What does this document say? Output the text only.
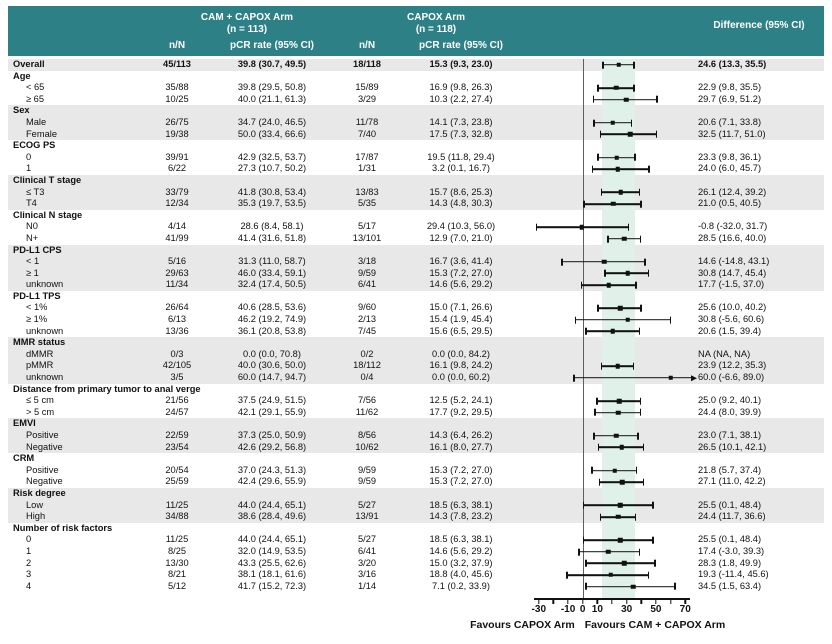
CAM + CAPOX Arm
(n = 113)
CAPOX Arm
(n = 118)	Difference (95% CI)
n/N	pCR rate (95% CI)	n/N	pCR rate (95% CI)
Overall	45/113	39.8 (30.7, 49.5)	18/118	15.3 (9.3, 23.0)	24.6 (13.3, 35.5)
Age
< 65	35/88	39.8 (29.5, 50.8)	15/89	16.9 (9.8, 26.3)	22.9 (9.8, 35.5)
≥ 65	10/25	40.0 (21.1, 61.3)	3/29	10.3 (2.2, 27.4)	29.7 (6.9, 51.2)
Sex
Male	26/75	34.7 (24.0, 46.5)	11/78	14.1 (7.3, 23.8)	20.6 (7.1, 33.8)
Female	19/38	50.0 (33.4, 66.6)	7/40	17.5 (7.3, 32.8)	32.5 (11.7, 51.0)
ECOG PS
0	39/91	42.9 (32.5, 53.7)	17/87	19.5 (11.8, 29.4)	23.3 (9.8, 36.1)
1	6/22	27.3 (10.7, 50.2)	1/31	3.2 (0.1, 16.7)	24.0 (6.0, 45.7)
Clinical T stage
≤ T3	33/79	41.8 (30.8, 53.4)	13/83	15.7 (8.6, 25.3)	26.1 (12.4, 39.2)
T4	12/34	35.3 (19.7, 53.5)	5/35	14.3 (4.8, 30.3)	21.0 (0.5, 40.5)
Clinical N stage
N0	4/14	28.6 (8.4, 58.1)	5/17	29.4 (10.3, 56.0)	-0.8 (-32.0, 31.7)
N+	41/99	41.4 (31.6, 51.8)	13/101	12.9 (7.0, 21.0)	28.5 (16.6, 40.0)
PD-L1 CPS
< 1	5/16	31.3 (11.0, 58.7)	3/18	16.7 (3.6, 41.4)	14.6 (-14.8, 43.1)
≥ 1	29/63	46.0 (33.4, 59.1)	9/59	15.3 (7.2, 27.0)	30.8 (14.7, 45.4)
unknown	11/34	32.4 (17.4, 50.5)	6/41	14.6 (5.6, 29.2)	17.7 (-1.5, 37.0)
PD-L1 TPS
< 1%	26/64	40.6 (28.5, 53.6)	9/60	15.0 (7.1, 26.6)	25.6 (10.0, 40.2)
≥ 1%	6/13	46.2 (19.2, 74.9)	2/13	15.4 (1.9, 45.4)	30.8 (-5.6, 60.6)
unknown	13/36	36.1 (20.8, 53.8)	7/45	15.6 (6.5, 29.5)	20.6 (1.5, 39.4)
MMR status
dMMR	0/3	0.0 (0.0, 70.8)	0/2	0.0 (0.0, 84.2)	NA (NA, NA)
pMMR	42/105	40.0 (30.6, 50.0)	18/112	16.1 (9.8, 24.2)	23.9 (12.2, 35.3)
unknown	3/5	60.0 (14.7, 94.7)	0/4	0.0 (0.0, 60.2)	60.0 (-6.6, 89.0)
Distance from primary tumor to anal verge
≤ 5 cm	21/56	37.5 (24.9, 51.5)	7/56	12.5 (5.2, 24.1)	25.0 (9.2, 40.1)
> 5 cm	24/57	42.1 (29.1, 55.9)	11/62	17.7 (9.2, 29.5)	24.4 (8.0, 39.9)
EMVI
Positive	22/59	37.3 (25.0, 50.9)	8/56	14.3 (6.4, 26.2)	23.0 (7.1, 38.1)
Negative	23/54	42.6 (29.2, 56.8)	10/62	16.1 (8.0, 27.7)	26.5 (10.1, 42.1)
CRM
Positive	20/54	37.0 (24.3, 51.3)	9/59	15.3 (7.2, 27.0)	21.8 (5.7, 37.4)
Negative	25/59	42.4 (29.6, 55.9)	9/59	15.3 (7.2, 27.0)	27.1 (11.0, 42.2)
Risk degree
Low	11/25	44.0 (24.4, 65.1)	5/27	18.5 (6.3, 38.1)	25.5 (0.1, 48.4)
High	34/88	38.6 (28.4, 49.6)	13/91	14.3 (7.8, 23.2)	24.4 (11.7, 36.6)
Number of risk factors
0	11/25	44.0 (24.4, 65.1)	5/27	18.5 (6.3, 38.1)	25.5 (0.1, 48.4)
1	8/25	32.0 (14.9, 53.5)	6/41	14.6 (5.6, 29.2)	17.4 (-3.0, 39.3)
2	13/30	43.3 (25.5, 62.6)	3/20	15.0 (3.2, 37.9)	28.3 (1.8, 49.9)
3	8/21	38.1 (18.1, 61.6)	3/16	18.8 (4.0, 45.6)	19.3 (-11.4, 45.6)
4	5/12	41.7 (15.2, 72.3)	1/14	7.1 (0.2, 33.9)	34.5 (1.5, 63.4)
-30	-10 0 10	30	50	70
Favours CAPOX Arm Favours CAM + CAPOX Arm
